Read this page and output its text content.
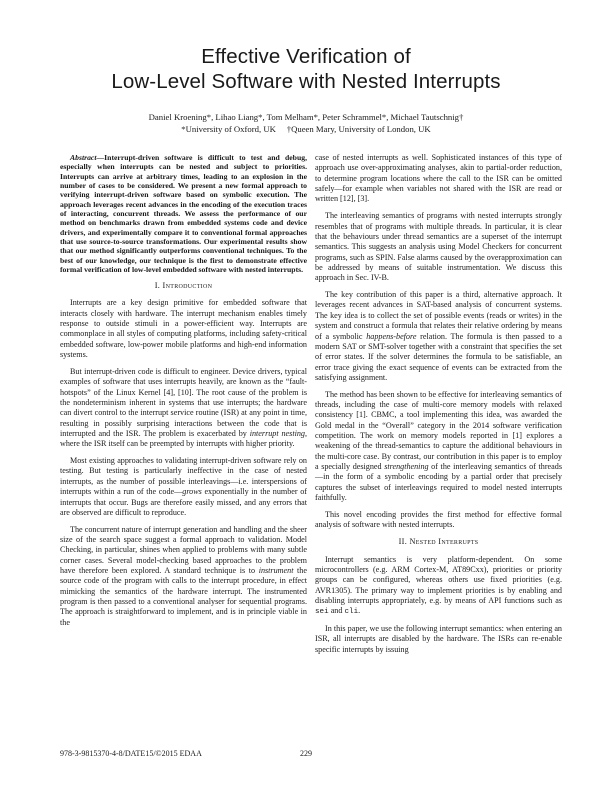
Effective Verification of
Low-Level Software with Nested Interrupts
Daniel Kroening*, Lihao Liang*, Tom Melham*, Peter Schrammel*, Michael Tautschnig†
*University of Oxford, UK     †Queen Mary, University of London, UK

Abstract—Interrupt-driven software is difficult to test and debug, especially when interrupts can be nested and subject to priorities. Interrupts can arrive at arbitrary times, leading to an explosion in the number of cases to be considered. We present a new formal approach to verifying interrupt-driven software based on symbolic execution. The approach leverages recent advances in the encoding of the execution traces of interacting, concurrent threads. We assess the performance of our method on benchmarks drawn from embedded systems code and device drivers, and experimentally compare it to conventional formal approaches that use source-to-source transformations. Our experimental results show that our method significantly outperforms conventional techniques. To the best of our knowledge, our technique is the first to demonstrate effective formal verification of low-level embedded software with nested interrupts.

I. Introduction

Interrupts are a key design primitive for embedded software that interacts closely with hardware. The interrupt mechanism enables timely response to outside stimuli in a power-efficient way. Interrupts are commonplace in all styles of computing platforms, including safety-critical embedded software, low-power mobile platforms and high-end information systems.

But interrupt-driven code is difficult to engineer. Device drivers, typical examples of software that uses interrupts heavily, are known as the “fault-hotspots” of the Linux Kernel [4], [10]. The root cause of the problem is the nondeterminism inherent in systems that use interrupts; the hardware can divert control to the interrupt service routine (ISR) at any point in time, resulting in possibly surprising interactions between the code that is interrupted and the ISR. The problem is exacerbated by interrupt nesting, where the ISR itself can be preempted by interrupts with higher priority.

Most existing approaches to validating interrupt-driven software rely on testing. But testing is particularly ineffective in the case of nested interrupts, as the number of possible interleavings—i.e. interspersions of interrupts within a run of the code—grows exponentially in the number of interrupts that occur. Bugs are therefore easily missed, and any errors that are observed are difficult to reproduce.

The concurrent nature of interrupt generation and handling and the sheer size of the search space suggest a formal approach to validation. Model Checking, in particular, shines when applied to problems with many subtle corner cases. Several model-checking based approaches to the problem have therefore been explored. A standard technique is to instrument the source code of the program with calls to the interrupt procedure, in effect mimicking the semantics of the hardware interrupt. The instrumented program is then passed to a conventional analyser for sequential programs. The approach is straightforward to implement, and is in principle viable in the

case of nested interrupts as well. Sophisticated instances of this type of approach use over-approximating analyses, akin to partial-order reduction, to determine program locations where the call to the ISR can be omitted safely—for example when variables not shared with the ISR are read or written [12], [3].

The interleaving semantics of programs with nested interrupts strongly resembles that of programs with multiple threads. In particular, it is clear that the behaviours under thread semantics are a superset of the interrupt semantics. This suggests an analysis using Model Checkers for concurrent programs, such as SPIN. False alarms caused by the overapproximation can be addressed by means of suitable instrumentation. We discuss this approach in Sec. IV-B.

The key contribution of this paper is a third, alternative approach. It leverages recent advances in SAT-based analysis of concurrent systems. The key idea is to collect the set of possible events (reads or writes) in the system and construct a formula that relates their relative ordering by means of a symbolic happens-before relation. The formula is then passed to a modern SAT or SMT-solver together with a constraint that specifies the set of error states. If the solver determines the formula to be satisfiable, an error trace giving the exact sequence of events can be extracted from the satisfying assignment.

The method has been shown to be effective for interleaving semantics of threads, including the case of multi-core memory models with relaxed consistency [1]. CBMC, a tool implementing this idea, was awarded the Gold medal in the “Overall” category in the 2014 software verification competition. The work on memory models reported in [1] explores a weakening of the thread-semantics to capture the additional behaviours in the multi-core case. By contrast, our contribution in this paper is to employ a specially designed strengthening of the interleaving semantics of threads—in the form of a symbolic encoding by a partial order that precisely captures the subset of interleavings required to model nested interrupts faithfully.

This novel encoding provides the first method for effective formal analysis of software with nested interrupts.

II. Nested Interrupts

Interrupt semantics is very platform-dependent. On some microcontrollers (e.g. ARM Cortex-M, AT89Cxx), priorities or priority groups can be configured, whereas others use fixed priorities (e.g. AVR1305). The primary way to implement priorities is by enabling and disabling interrupts appropriately, e.g. by means of API functions such as sei and cli.

In this paper, we use the following interrupt semantics: when entering an ISR, all interrupts are disabled by the hardware. The ISRs can re-enable specific interrupts by issuing

978-3-9815370-4-8/DATE15/©2015 EDAA	229
